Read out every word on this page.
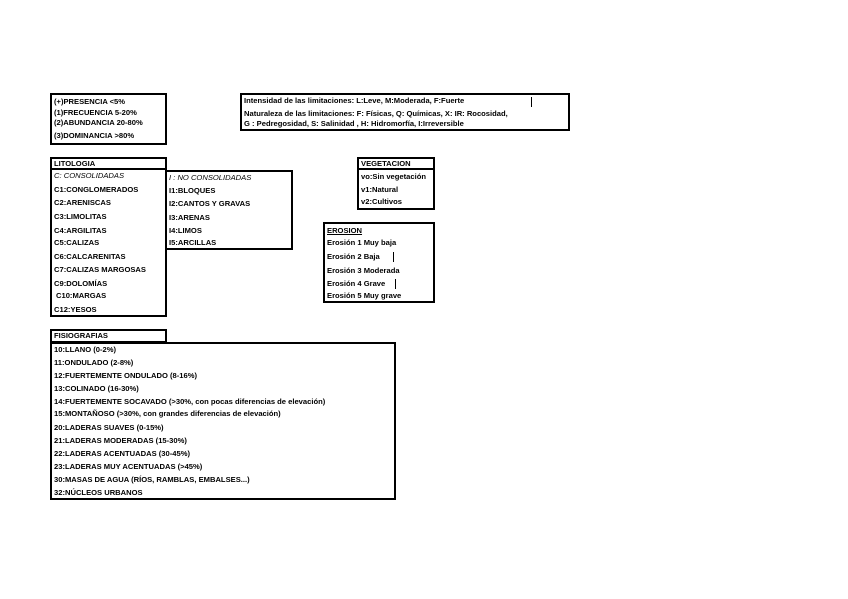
(+)PRESENCIA <5%
(1)FRECUENCIA 5-20%
(2)ABUNDANCIA 20-80%
(3)DOMINANCIA >80%
Intensidad de las limitaciones: L:Leve, M:Moderada, F:Fuerte
Naturaleza de las limitaciones: F: Físicas, Q: Químicas, X: IR: Rocosidad,
G : Pedregosidad, S: Salinidad , H: Hidromorfía, I:Irreversible
LITOLOGIA
C: CONSOLIDADAS
C1:CONGLOMERADOS
C2:ARENISCAS
C3:LIMOLITAS
C4:ARGILITAS
C5:CALIZAS
C6:CALCARENITAS
C7:CALIZAS MARGOSAS
C9:DOLOMÍAS
C10:MARGAS
C12:YESOS
I : NO CONSOLIDADAS
I1:BLOQUES
I2:CANTOS Y GRAVAS
I3:ARENAS
I4:LIMOS
I5:ARCILLAS
VEGETACION
vo:Sin vegetación
v1:Natural
v2:Cultivos
EROSION
Erosión 1 Muy baja
Erosión 2 Baja
Erosión 3 Moderada
Erosión 4 Grave
Erosión 5 Muy grave
FISIOGRAFIAS
10:LLANO (0-2%)
11:ONDULADO (2-8%)
12:FUERTEMENTE ONDULADO (8-16%)
13:COLINADO (16-30%)
14:FUERTEMENTE SOCAVADO (>30%, con pocas diferencias de elevación)
15:MONTAÑOSO (>30%, con grandes diferencias de elevación)
20:LADERAS SUAVES (0-15%)
21:LADERAS MODERADAS (15-30%)
22:LADERAS ACENTUADAS (30-45%)
23:LADERAS MUY ACENTUADAS (>45%)
30:MASAS DE AGUA (RÍOS, RAMBLAS, EMBALSES...)
32:NÚCLEOS URBANOS
